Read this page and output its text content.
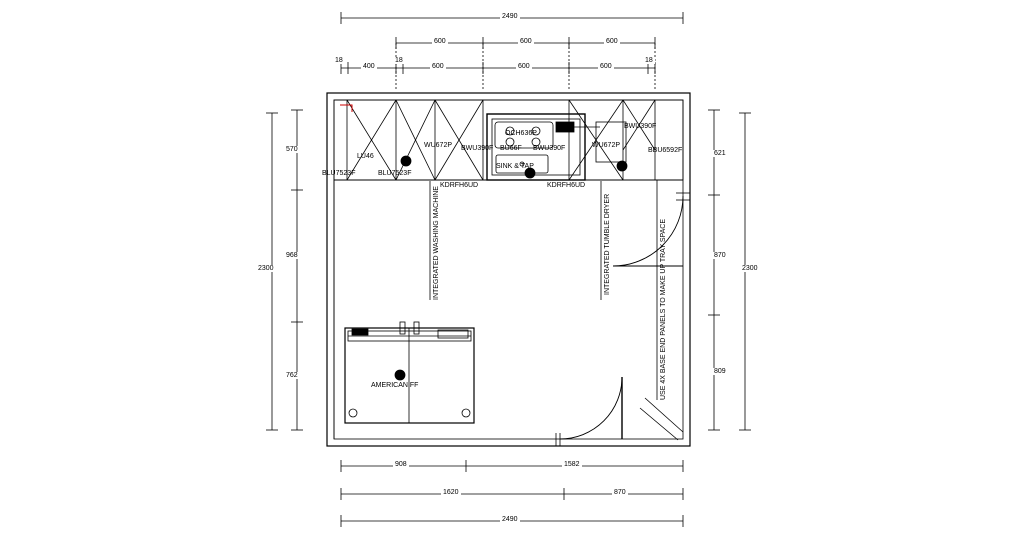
2490
600	600	600
18
400
18
600	600	600
18
2300
570
968
762
621
870
809
2300
908	1582
1620	870
2490
LU46
BLU7523F	BLU7523F
WU672P BWU390F
OCH636P
BU66F BWU390F	WU672P
BWU390F
BBU6592F
SINK & TAP
KDRFH6UD	KDRFH6UD
INTEGRATED WASHING MACHINE	INTEGRATED TUMBLE DRYER	USE 4X BASE END PANELS TO MAKE UP TRAY SPACE
AMERICAN FF
